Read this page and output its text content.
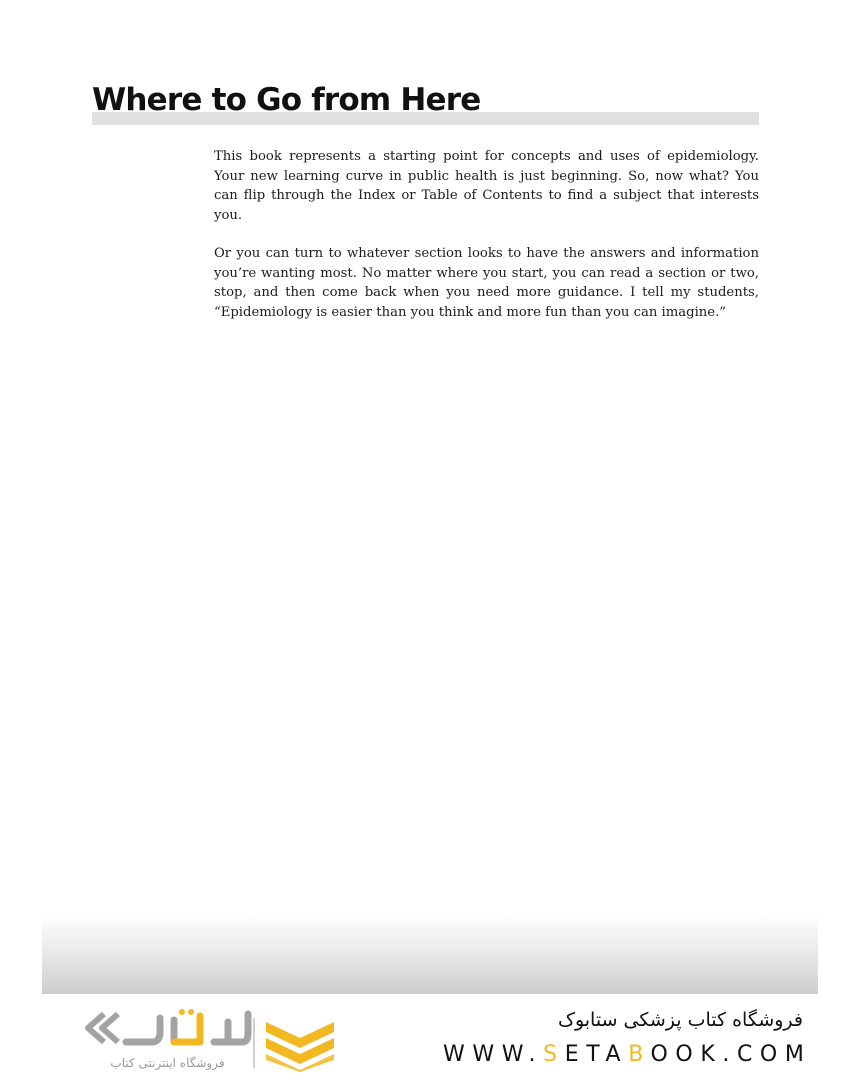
Where to Go from Here

This book represents a starting point for concepts and uses of epidemiology. Your new learning curve in public health is just beginning. So, now what? You can flip through the Index or Table of Contents to find a subject that interests you.

Or you can turn to whatever section looks to have the answers and information you’re wanting most. No matter where you start, you can read a section or two, stop, and then come back when you need more guidance. I tell my students, “Epidemiology is easier than you think and more fun than you can imagine.”

فروشگاه اینترنتی کتاب
فروشگاه کتاب پزشکی ستابوک
WWW.SETABOOK.COM
